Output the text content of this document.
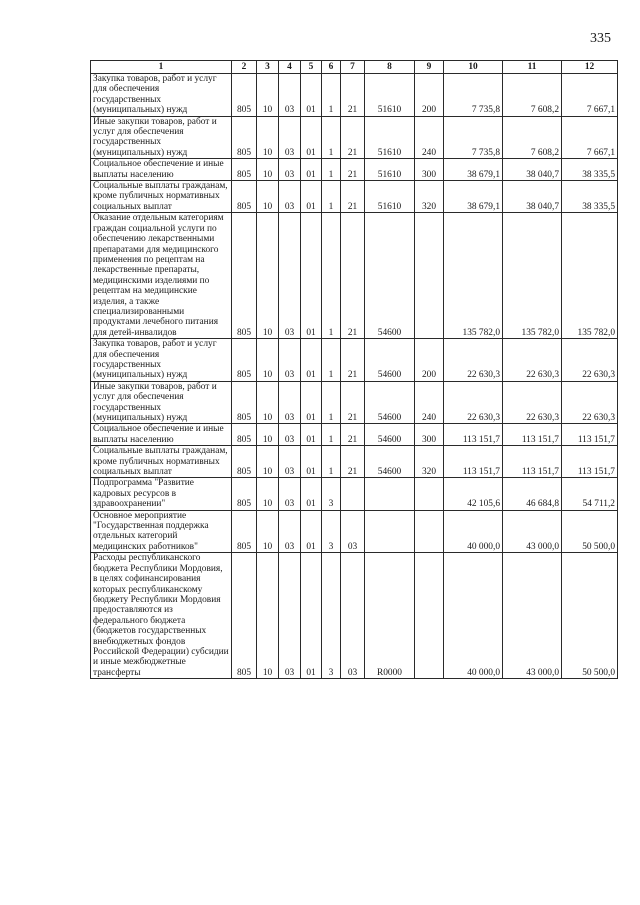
335
1	2	3	4	5	6	7	8	9	10	11	12
Закупка товаров, работ и услуг для обеспечения государственных (муниципальных) нужд	805	10	03	01	1	21	51610	200	7 735,8	7 608,2	7 667,1
Иные закупки товаров, работ и услуг для обеспечения государственных (муниципальных) нужд	805	10	03	01	1	21	51610	240	7 735,8	7 608,2	7 667,1
Социальное обеспечение и иные выплаты населению	805	10	03	01	1	21	51610	300	38 679,1	38 040,7	38 335,5
Социальные выплаты гражданам, кроме публичных нормативных социальных выплат	805	10	03	01	1	21	51610	320	38 679,1	38 040,7	38 335,5
Оказание отдельным категориям граждан социальной услуги по обеспечению лекарственными препаратами для медицинского применения по рецептам на лекарственные препараты, медицинскими изделиями по рецептам на медицинские изделия, а также специализированными продуктами лечебного питания для детей-инвалидов	805	10	03	01	1	21	54600		135 782,0	135 782,0	135 782,0
Закупка товаров, работ и услуг для обеспечения государственных (муниципальных) нужд	805	10	03	01	1	21	54600	200	22 630,3	22 630,3	22 630,3
Иные закупки товаров, работ и услуг для обеспечения государственных (муниципальных) нужд	805	10	03	01	1	21	54600	240	22 630,3	22 630,3	22 630,3
Социальное обеспечение и иные выплаты населению	805	10	03	01	1	21	54600	300	113 151,7	113 151,7	113 151,7
Социальные выплаты гражданам, кроме публичных нормативных социальных выплат	805	10	03	01	1	21	54600	320	113 151,7	113 151,7	113 151,7
Подпрограмма "Развитие кадровых ресурсов в здравоохранении"	805	10	03	01	3				42 105,6	46 684,8	54 711,2
Основное мероприятие "Государственная поддержка отдельных категорий медицинских работников"	805	10	03	01	3	03			40 000,0	43 000,0	50 500,0
Расходы республиканского бюджета Республики Мордовия, в целях софинансирования которых республиканскому бюджету Республики Мордовия предоставляются из федерального бюджета (бюджетов государственных внебюджетных фондов Российской Федерации) субсидии и иные межбюджетные трансферты	805	10	03	01	3	03	R0000		40 000,0	43 000,0	50 500,0
